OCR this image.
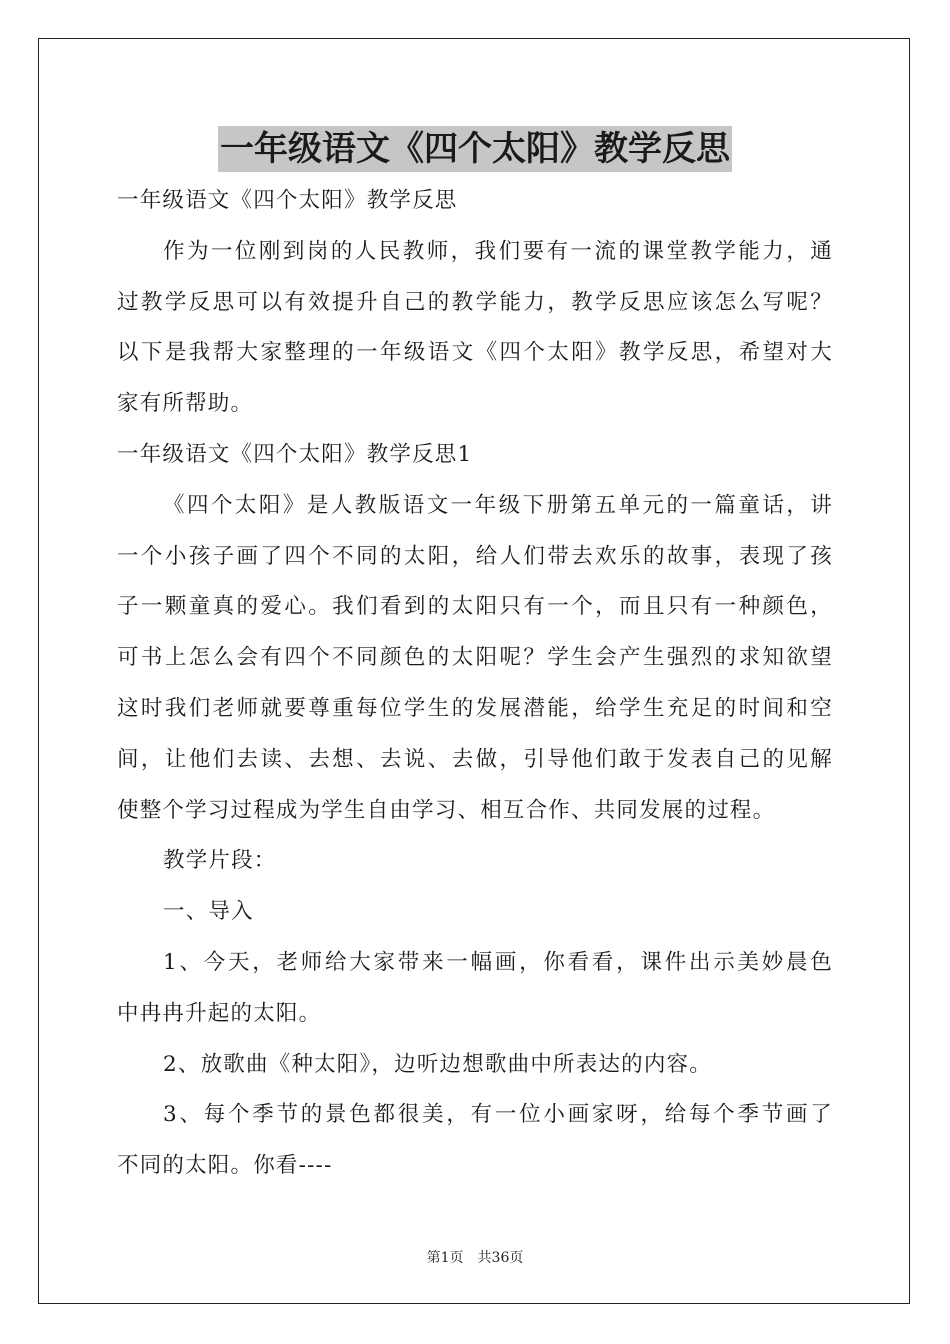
一年级语文《四个太阳》教学反思

一年级语文《四个太阳》教学反思

作为一位刚到岗的人民教师，我们要有一流的课堂教学能力，通

过教学反思可以有效提升自己的教学能力，教学反思应该怎么写呢？

以下是我帮大家整理的一年级语文《四个太阳》教学反思，希望对大

家有所帮助。

一年级语文《四个太阳》教学反思1

《四个太阳》是人教版语文一年级下册第五单元的一篇童话，讲

一个小孩子画了四个不同的太阳，给人们带去欢乐的故事，表现了孩

子一颗童真的爱心。我们看到的太阳只有一个，而且只有一种颜色，

可书上怎么会有四个不同颜色的太阳呢？学生会产生强烈的求知欲望

这时我们老师就要尊重每位学生的发展潜能，给学生充足的时间和空

间，让他们去读、去想、去说、去做，引导他们敢于发表自己的见解

使整个学习过程成为学生自由学习、相互合作、共同发展的过程。

教学片段：

一、导入

1、今天，老师给大家带来一幅画，你看看，课件出示美妙晨色

中冉冉升起的太阳。

2、放歌曲《种太阳》，边听边想歌曲中所表达的内容。

3、每个季节的景色都很美，有一位小画家呀，给每个季节画了

不同的太阳。你看----

第1页　共36页
